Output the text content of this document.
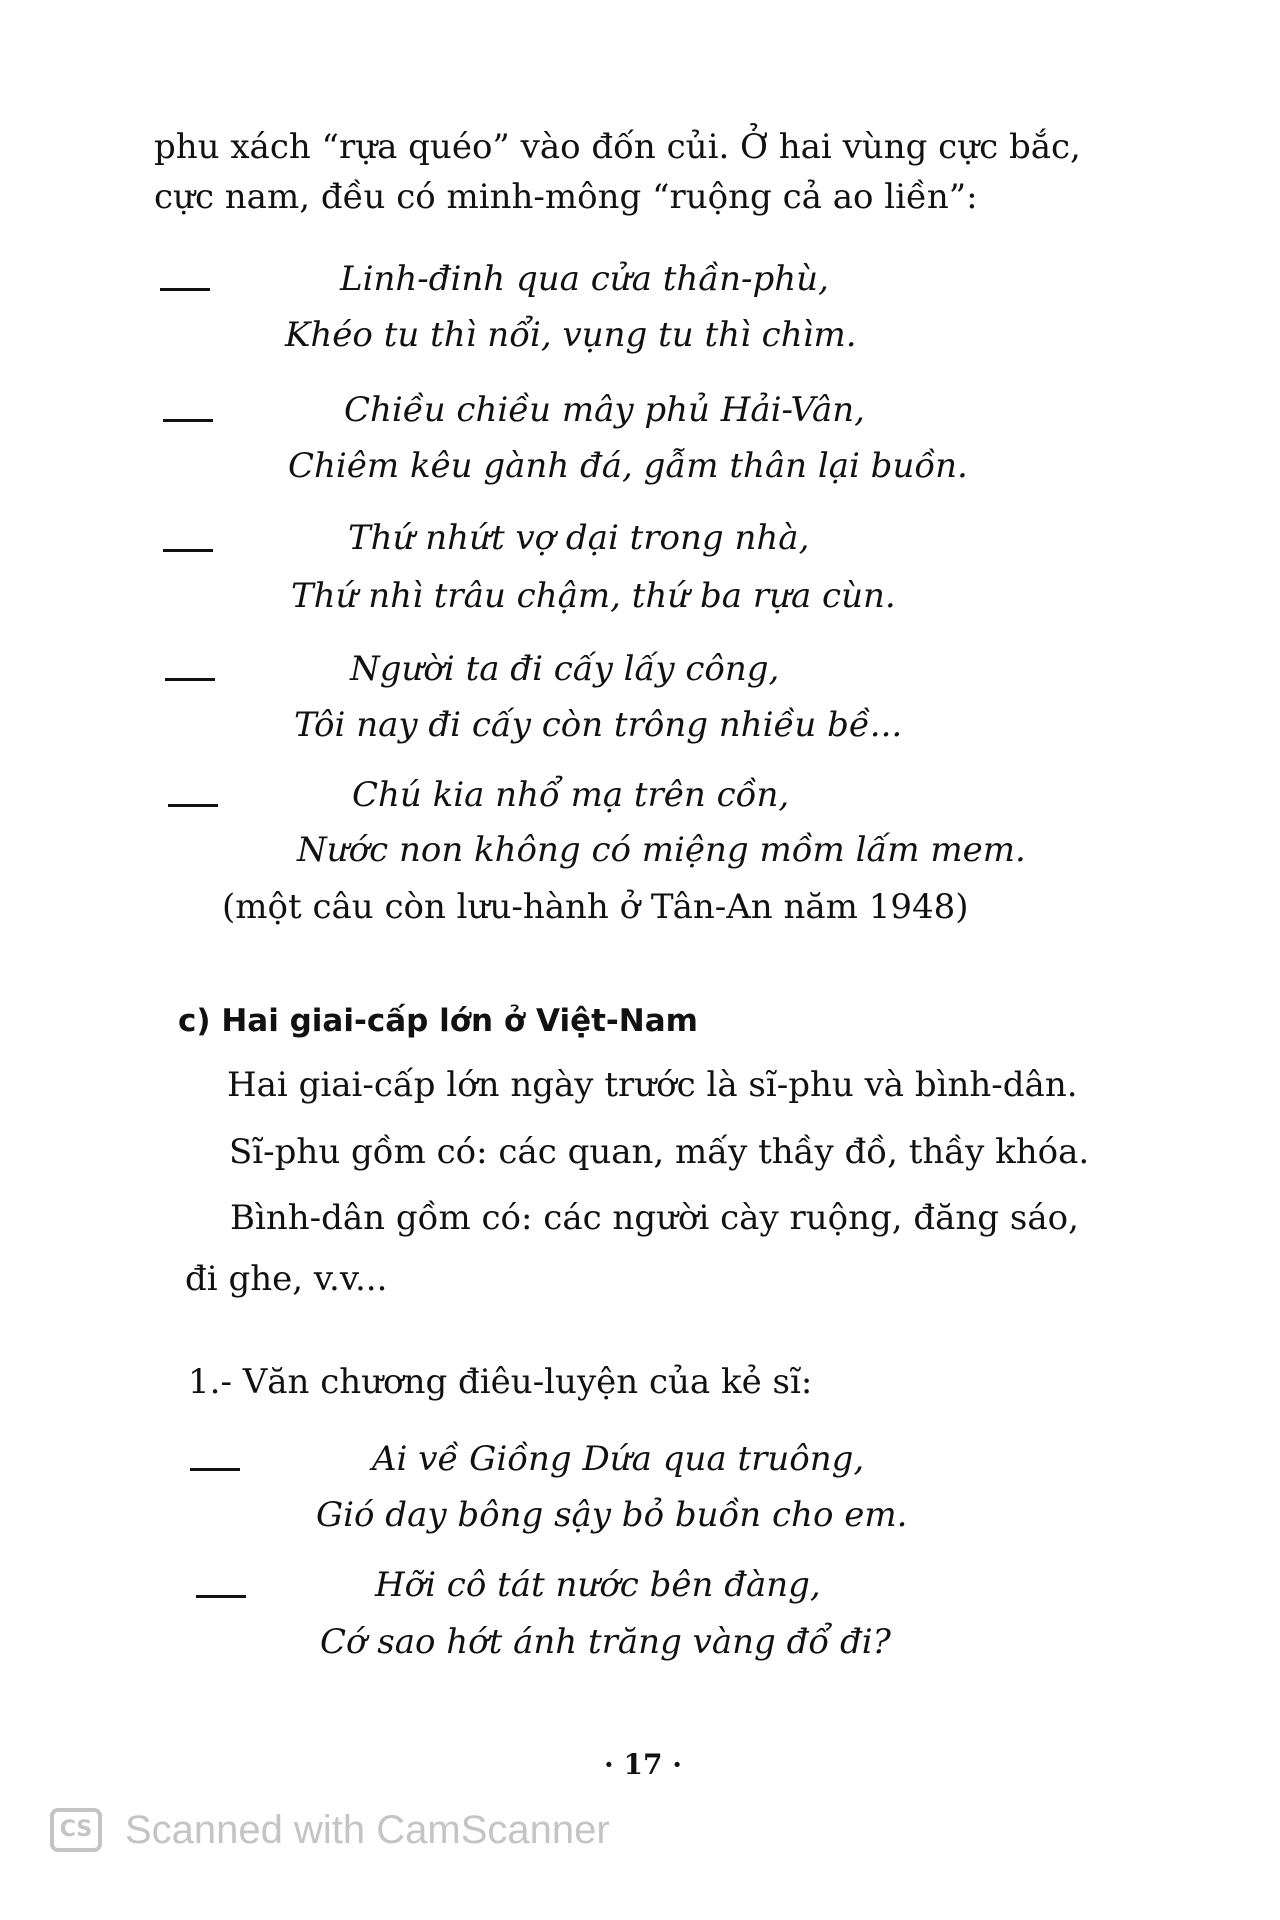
phu xách “rựa quéo” vào đốn củi. Ở hai vùng cực bắc,
cực nam, đều có minh-mông “ruộng cả ao liền”:
Linh-đinh qua cửa thần-phù,
Khéo tu thì nổi, vụng tu thì chìm.
Chiều chiều mây phủ Hải-Vân,
Chiêm kêu gành đá, gẫm thân lại buồn.
Thứ nhứt vợ dại trong nhà,
Thứ nhì trâu chậm, thứ ba rựa cùn.
Người ta đi cấy lấy công,
Tôi nay đi cấy còn trông nhiều bề...
Chú kia nhổ mạ trên cồn,
Nước non không có miệng mồm lấm mem.
(một câu còn lưu-hành ở Tân-An năm 1948)
c) Hai giai-cấp lớn ở Việt-Nam
Hai giai-cấp lớn ngày trước là sĩ-phu và bình-dân.
Sĩ-phu gồm có: các quan, mấy thầy đồ, thầy khóa.
Bình-dân gồm có: các người cày ruộng, đăng sáo,
đi ghe, v.v...
1.- Văn chương điêu-luyện của kẻ sĩ:
Ai về Giồng Dứa qua truông,
Gió day bông sậy bỏ buồn cho em.
Hỡi cô tát nước bên đàng,
Cớ sao hớt ánh trăng vàng đổ đi?
· 17 ·
CS Scanned with CamScanner
